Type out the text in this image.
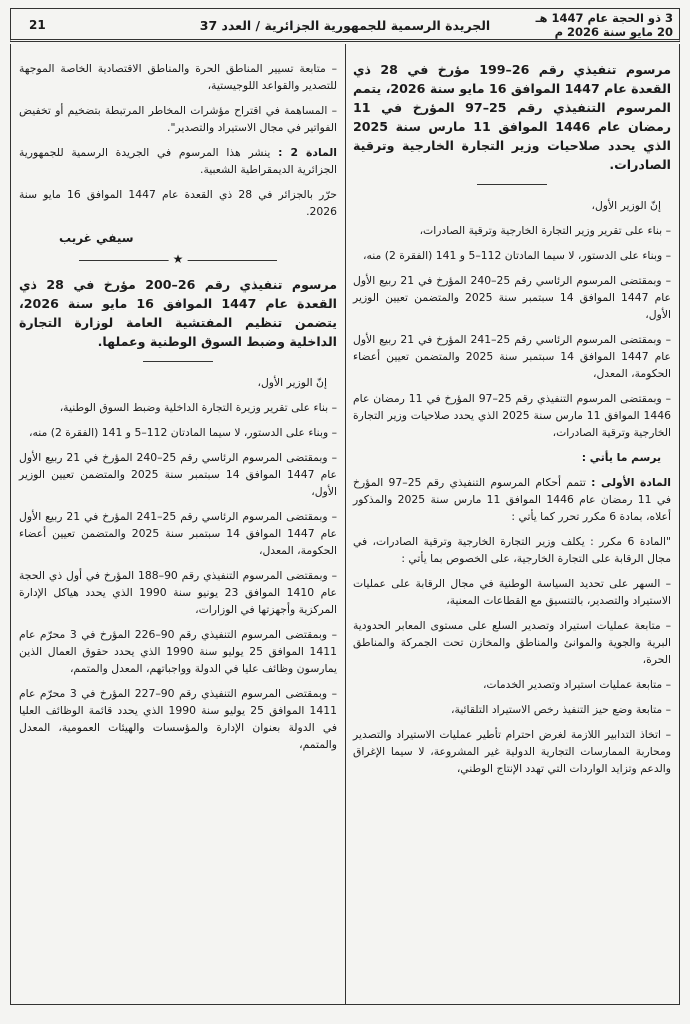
3 ذو الحجة عام 1447 هـ
20 مايو سنة 2026 م
الجريدة الرسمية للجمهورية الجزائرية / العدد 37
21

مرسوم تنفيذي رقم 26–199 مؤرخ في 28 ذي القعدة عام 1447 الموافق 16 مايو سنة 2026، يتمم المرسوم التنفيذي رقم 25–97 المؤرخ في 11 رمضان عام 1446 الموافق 11 مارس سنة 2025 الذي يحدد صلاحيات وزير التجارة الخارجية وترقية الصادرات.

إنّ الوزير الأول،

– بناء على تقرير وزير التجارة الخارجية وترقية الصادرات،

– وبناء على الدستور، لا سيما المادتان 112–5 و 141 (الفقرة 2) منه،

– وبمقتضى المرسوم الرئاسي رقم 25–240 المؤرخ في 21 ربيع الأول عام 1447 الموافق 14 سبتمبر سنة 2025 والمتضمن تعيين الوزير الأول،

– وبمقتضى المرسوم الرئاسي رقم 25–241 المؤرخ في 21 ربيع الأول عام 1447 الموافق 14 سبتمبر سنة 2025 والمتضمن تعيين أعضاء الحكومة، المعدل،

– وبمقتضى المرسوم التنفيذي رقم 25–97 المؤرخ في 11 رمضان عام 1446 الموافق 11 مارس سنة 2025 الذي يحدد صلاحيات وزير التجارة الخارجية وترقية الصادرات،

يرسم ما يأتي :

المادة الأولى : تتمم أحكام المرسوم التنفيذي رقم 25–97 المؤرخ في 11 رمضان عام 1446 الموافق 11 مارس سنة 2025 والمذكور أعلاه، بمادة 6 مكرر تحرر كما يأتي :

"المادة 6 مكرر : يكلف وزير التجارة الخارجية وترقية الصادرات، في مجال الرقابة على التجارة الخارجية، على الخصوص بما يأتي :

– السهر على تحديد السياسة الوطنية في مجال الرقابة على عمليات الاستيراد والتصدير، بالتنسيق مع القطاعات المعنية،

– متابعة عمليات استيراد وتصدير السلع على مستوى المعابر الحدودية البرية والجوية والموانئ والمناطق والمخازن تحت الجمركة والمناطق الحرة،

– متابعة عمليات استيراد وتصدير الخدمات،

– متابعة وضع حيز التنفيذ رخص الاستيراد التلقائية،

– اتخاذ التدابير اللازمة لغرض احترام تأطير عمليات الاستيراد والتصدير ومحاربة الممارسات التجارية الدولية غير المشروعة، لا سيما الإغراق والدعم وتزايد الواردات التي تهدد الإنتاج الوطني،

– متابعة تسيير المناطق الحرة والمناطق الاقتصادية الخاصة الموجهة للتصدير والقواعد اللوجيستية،

– المساهمة في اقتراح مؤشرات المخاطر المرتبطة بتضخيم أو تخفيض الفواتير في مجال الاستيراد والتصدير".

المادة 2 : ينشر هذا المرسوم في الجريدة الرسمية للجمهورية الجزائرية الديمقراطية الشعبية.

حرّر بالجزائر في 28 ذي القعدة عام 1447 الموافق 16 مايو سنة 2026.

سيفي غريب

★

مرسوم تنفيذي رقم 26–200 مؤرخ في 28 ذي القعدة عام 1447 الموافق 16 مايو سنة 2026، يتضمن تنظيم المفتشية العامة لوزارة التجارة الداخلية وضبط السوق الوطنية وعملها.

إنّ الوزير الأول،

– بناء على تقرير وزيرة التجارة الداخلية وضبط السوق الوطنية،

– وبناء على الدستور، لا سيما المادتان 112–5 و 141 (الفقرة 2) منه،

– وبمقتضى المرسوم الرئاسي رقم 25–240 المؤرخ في 21 ربيع الأول عام 1447 الموافق 14 سبتمبر سنة 2025 والمتضمن تعيين الوزير الأول،

– وبمقتضى المرسوم الرئاسي رقم 25–241 المؤرخ في 21 ربيع الأول عام 1447 الموافق 14 سبتمبر سنة 2025 والمتضمن تعيين أعضاء الحكومة، المعدل،

– وبمقتضى المرسوم التنفيذي رقم 90–188 المؤرخ في أول ذي الحجة عام 1410 الموافق 23 يونيو سنة 1990 الذي يحدد هياكل الإدارة المركزية وأجهزتها في الوزارات،

– وبمقتضى المرسوم التنفيذي رقم 90–226 المؤرخ في 3 محرّم عام 1411 الموافق 25 يوليو سنة 1990 الذي يحدد حقوق العمال الذين يمارسون وظائف عليا في الدولة وواجباتهم، المعدل والمتمم،

– وبمقتضى المرسوم التنفيذي رقم 90–227 المؤرخ في 3 محرّم عام 1411 الموافق 25 يوليو سنة 1990 الذي يحدد قائمة الوظائف العليا في الدولة بعنوان الإدارة والمؤسسات والهيئات العمومية، المعدل والمتمم،
